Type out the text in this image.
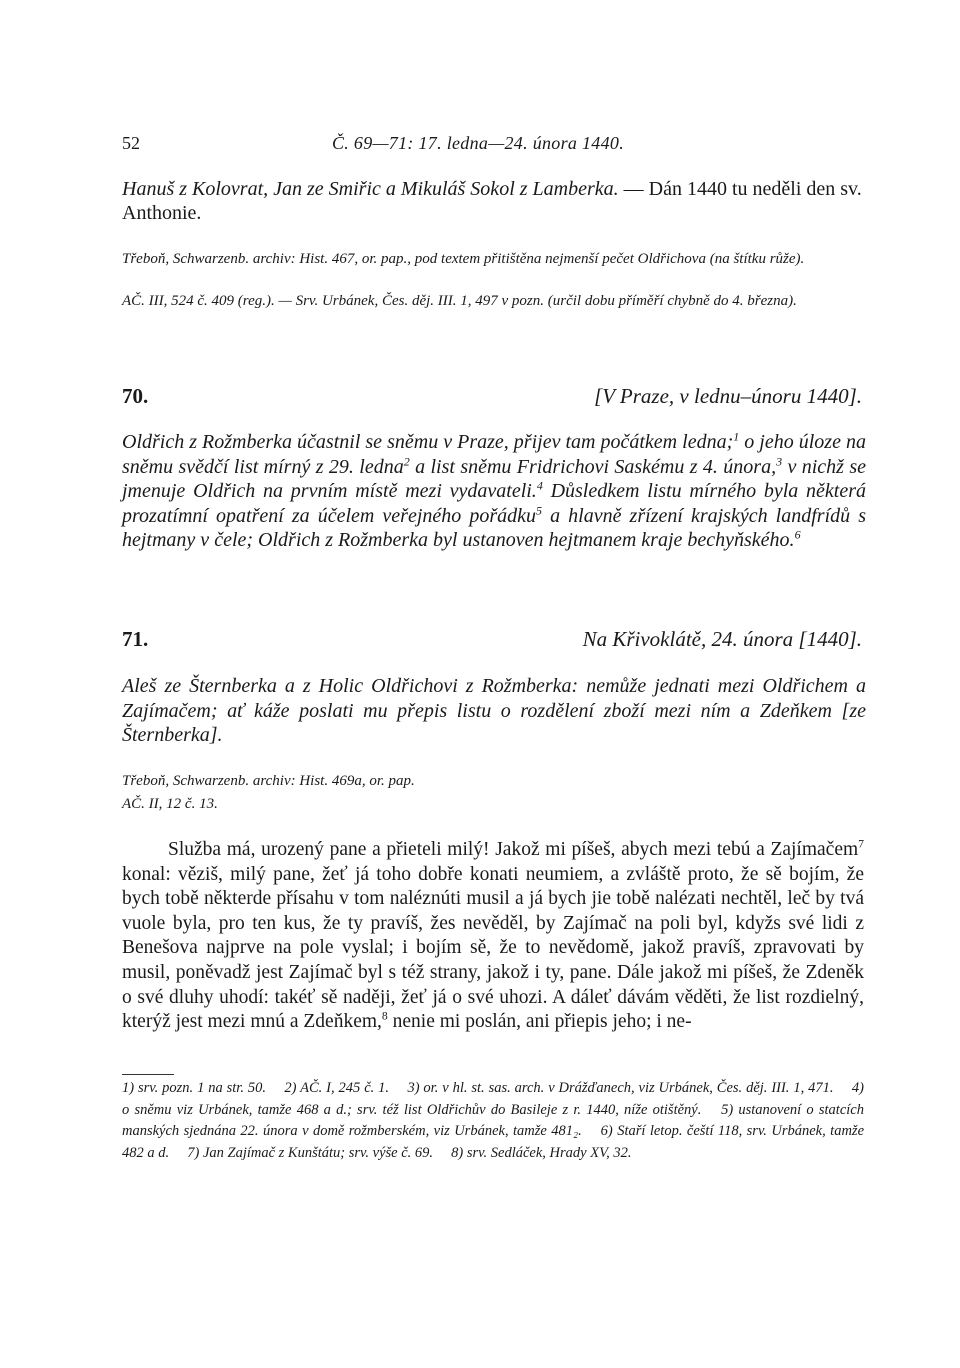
52	Č. 69—71: 17. ledna—24. února 1440.
Hanuš z Kolovrat, Jan ze Smiřic a Mikuláš Sokol z Lamberka. — Dán 1440 tu neděli den sv. Anthonie.
Třeboň, Schwarzenb. archiv: Hist. 467, or. pap., pod textem přitištěna nejmenší pečet Oldřichova (na štítku růže).
AČ. III, 524 č. 409 (reg.). — Srv. Urbánek, Čes. děj. III. 1, 497 v pozn. (určil dobu příměří chybně do 4. března).
70.	[V Praze, v lednu–únoru 1440].
Oldřich z Rožmberka účastnil se sněmu v Praze, přijev tam počátkem ledna;$^1$ o jeho úloze na sněmu svědčí list mírný z 29. ledna$^2$ a list sněmu Fridrichovi Saskému z 4. února,$^3$ v nichž se jmenuje Oldřich na prvním místě mezi vydavateli.$^4$ Důsledkem listu mírného byla některá prozatímní opatření za účelem veřejného pořádku$^5$ a hlavně zřízení krajských landfrídů s hejtmany v čele; Oldřich z Rožmberka byl ustanoven hejtmanem kraje bechyňského.$^6$
71.	Na Křivoklátě, 24. února [1440].
Aleš ze Šternberka a z Holic Oldřichovi z Rožmberka: nemůže jednati mezi Oldřichem a Zajímačem; ať káže poslati mu přepis listu o rozdělení zboží mezi ním a Zdeňkem [ze Šternberka].
Třeboň, Schwarzenb. archiv: Hist. 469a, or. pap.
AČ. II, 12 č. 13.

Služba má, urozený pane a přieteli milý! Jakož mi píšeš, abych mezi tebú a Zajímačem$^7$ konal: věziš, milý pane, žeť já toho dobře konati neumiem, a zvláště proto, že sě bojím, že bych tobě některde přísahu v tom naléznúti musil a já bych jie tobě nalézati nechtěl, leč by tvá vuole byla, pro ten kus, že ty pravíš, žes nevěděl, by Zajímač na poli byl, kdyžs své lidi z Benešova najprve na pole vyslal; i bojím sě, že to nevědomě, jakož pravíš, zpravovati by musil, poněvadž jest Zajímač byl s též strany, jakož i ty, pane. Dále jakož mi píšeš, že Zdeněk o své dluhy uhodí: takéť sě naději, žeť já o své uhozi. A dáleť dávám věděti, že list rozdielný, kterýž jest mezi mnú a Zdeňkem,$^8$ nenie mi poslán, ani přiepis jeho; i ne-

1) srv. pozn. 1 na str. 50.  2) AČ. I, 245 č. 1.  3) or. v hl. st. sas. arch. v Drážďanech, viz Urbánek, Čes. děj. III. 1, 471.  4) o sněmu viz Urbánek, tamže 468 a d.; srv. též list Oldřichův do Basileje z r. 1440, níže otištěný.  5) ustanovení o statcích manských sjednána 22. února v domě rožmberském, viz Urbánek, tamže 481₂.  6) Staří letop. čeští 118, srv. Urbánek, tamže 482 a d.  7) Jan Zajímač z Kunštátu; srv. výše č. 69.  8) srv. Sedláček, Hrady XV, 32.
